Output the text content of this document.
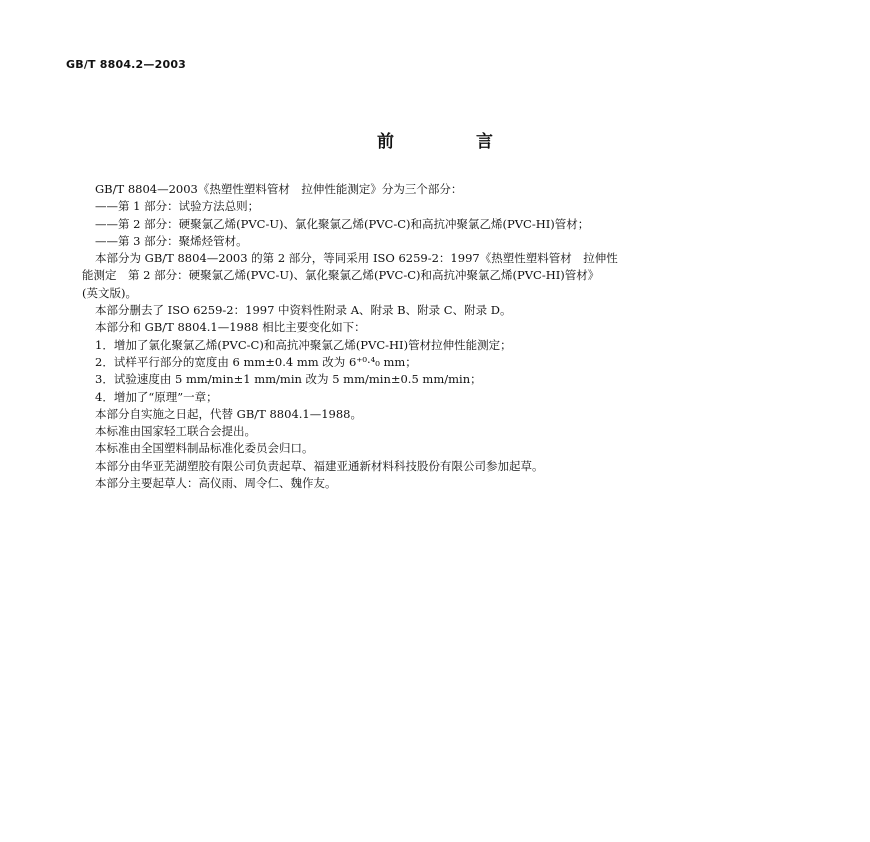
GB/T 8804.2—2003
前 言

GB/T 8804—2003《热塑性塑料管材　拉伸性能测定》分为三个部分：

——第 1 部分：试验方法总则；

——第 2 部分：硬聚氯乙烯(PVC-U)、氯化聚氯乙烯(PVC-C)和高抗冲聚氯乙烯(PVC-HI)管材；

——第 3 部分：聚烯烃管材。

本部分为 GB/T 8804—2003 的第 2 部分，等同采用 ISO 6259-2：1997《热塑性塑料管材　拉伸性

能测定　第 2 部分：硬聚氯乙烯(PVC-U)、氯化聚氯乙烯(PVC-C)和高抗冲聚氯乙烯(PVC-HI)管材》

(英文版)。

本部分删去了 ISO 6259-2：1997 中资料性附录 A、附录 B、附录 C、附录 D。

本部分和 GB/T 8804.1—1988 相比主要变化如下：

1．增加了氯化聚氯乙烯(PVC-C)和高抗冲聚氯乙烯(PVC-HI)管材拉伸性能测定；

2．试样平行部分的宽度由 6 mm±0.4 mm 改为 6⁺⁰·⁴₀ mm；

3．试验速度由 5 mm/min±1 mm/min 改为 5 mm/min±0.5 mm/min；

4．增加了“原理”一章；

本部分自实施之日起，代替 GB/T 8804.1—1988。

本标准由国家轻工联合会提出。

本标准由全国塑料制品标准化委员会归口。

本部分由华亚芜湖塑胶有限公司负责起草、福建亚通新材料科技股份有限公司参加起草。

本部分主要起草人：高仪雨、周令仁、魏作友。
